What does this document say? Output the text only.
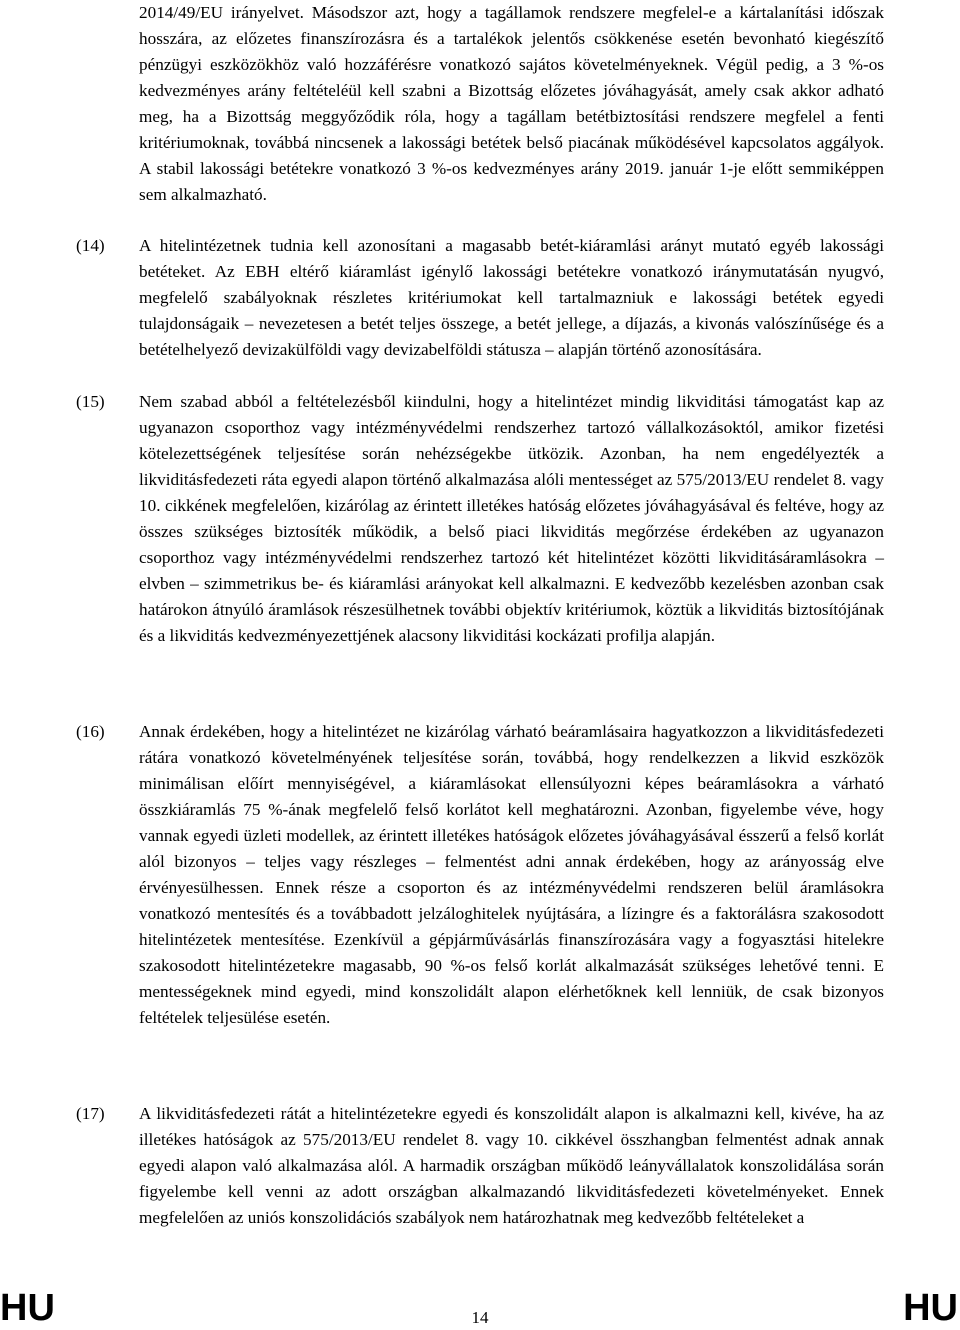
2014/49/EU irányelvet. Másodszor azt, hogy a tagállamok rendszere megfelel-e a kártalanítási időszak hosszára, az előzetes finanszírozásra és a tartalékok jelentős csökkenése esetén bevonható kiegészítő pénzügyi eszközökhöz való hozzáférésre vonatkozó sajátos követelményeknek. Végül pedig, a 3 %-os kedvezményes arány feltételéül kell szabni a Bizottság előzetes jóváhagyását, amely csak akkor adható meg, ha a Bizottság meggyőződik róla, hogy a tagállam betétbiztosítási rendszere megfelel a fenti kritériumoknak, továbbá nincsenek a lakossági betétek belső piacának működésével kapcsolatos aggályok. A stabil lakossági betétekre vonatkozó 3 %-os kedvezményes arány 2019. január 1-je előtt semmiképpen sem alkalmazható.

(14) A hitelintézetnek tudnia kell azonosítani a magasabb betét-kiáramlási arányt mutató egyéb lakossági betéteket. Az EBH eltérő kiáramlást igénylő lakossági betétekre vonatkozó iránymutatásán nyugvó, megfelelő szabályoknak részletes kritériumokat kell tartalmazniuk e lakossági betétek egyedi tulajdonságaik – nevezetesen a betét teljes összege, a betét jellege, a díjazás, a kivonás valószínűsége és a betételhelyező devizakülföldi vagy devizabelföldi státusza – alapján történő azonosítására.

(15) Nem szabad abból a feltételezésből kiindulni, hogy a hitelintézet mindig likviditási támogatást kap az ugyanazon csoporthoz vagy intézményvédelmi rendszerhez tartozó vállalkozásoktól, amikor fizetési kötelezettségének teljesítése során nehézségekbe ütközik. Azonban, ha nem engedélyezték a likviditásfedezeti ráta egyedi alapon történő alkalmazása alóli mentességet az 575/2013/EU rendelet 8. vagy 10. cikkének megfelelően, kizárólag az érintett illetékes hatóság előzetes jóváhagyásával és feltéve, hogy az összes szükséges biztosíték működik, a belső piaci likviditás megőrzése érdekében az ugyanazon csoporthoz vagy intézményvédelmi rendszerhez tartozó két hitelintézet közötti likviditásáramlásokra – elvben – szimmetrikus be- és kiáramlási arányokat kell alkalmazni. E kedvezőbb kezelésben azonban csak határokon átnyúló áramlások részesülhetnek további objektív kritériumok, köztük a likviditás biztosítójának és a likviditás kedvezményezettjének alacsony likviditási kockázati profilja alapján.

(16) Annak érdekében, hogy a hitelintézet ne kizárólag várható beáramlásaira hagyatkozzon a likviditásfedezeti rátára vonatkozó követelményének teljesítése során, továbbá, hogy rendelkezzen a likvid eszközök minimálisan előírt mennyiségével, a kiáramlásokat ellensúlyozni képes beáramlásokra a várható összkiáramlás 75 %-ának megfelelő felső korlátot kell meghatározni. Azonban, figyelembe véve, hogy vannak egyedi üzleti modellek, az érintett illetékes hatóságok előzetes jóváhagyásával ésszerű a felső korlát alól bizonyos – teljes vagy részleges – felmentést adni annak érdekében, hogy az arányosság elve érvényesülhessen. Ennek része a csoporton és az intézményvédelmi rendszeren belül áramlásokra vonatkozó mentesítés és a továbbadott jelzáloghitelek nyújtására, a lízingre és a faktorálásra szakosodott hitelintézetek mentesítése. Ezenkívül a gépjárművásárlás finanszírozására vagy a fogyasztási hitelekre szakosodott hitelintézetekre magasabb, 90 %-os felső korlát alkalmazását szükséges lehetővé tenni. E mentességeknek mind egyedi, mind konszolidált alapon elérhetőknek kell lenniük, de csak bizonyos feltételek teljesülése esetén.

(17) A likviditásfedezeti rátát a hitelintézetekre egyedi és konszolidált alapon is alkalmazni kell, kivéve, ha az illetékes hatóságok az 575/2013/EU rendelet 8. vagy 10. cikkével összhangban felmentést adnak annak egyedi alapon való alkalmazása alól. A harmadik országban működő leányvállalatok konszolidálása során figyelembe kell venni az adott országban alkalmazandó likviditásfedezeti követelményeket. Ennek megfelelően az uniós konszolidációs szabályok nem határozhatnak meg kedvezőbb feltételeket a

HU	14	HU
